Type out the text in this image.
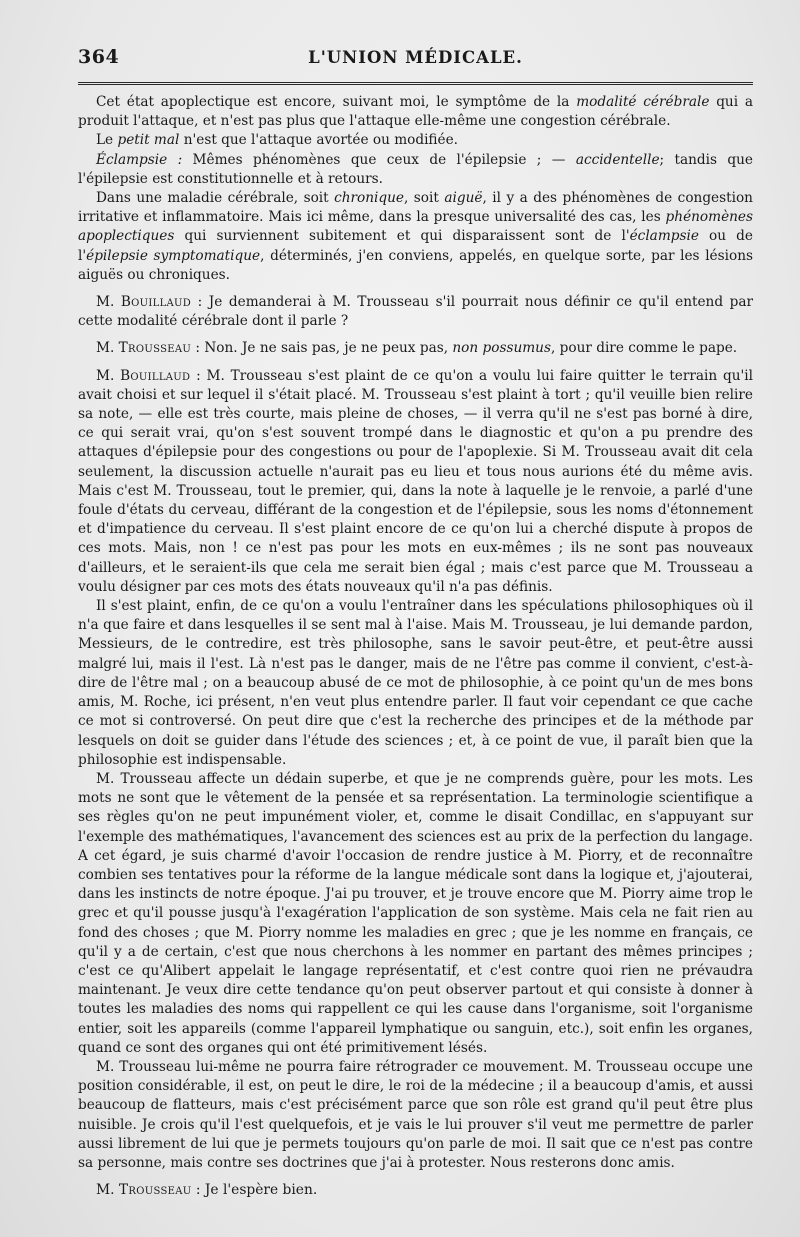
364	L'UNION MÉDICALE.

Cet état apoplectique est encore, suivant moi, le symptôme de la modalité cérébrale qui a produit l'attaque, et n'est pas plus que l'attaque elle-même une congestion cérébrale.

Le petit mal n'est que l'attaque avortée ou modifiée.

Éclampsie : Mêmes phénomènes que ceux de l'épilepsie ; — accidentelle; tandis que l'épilepsie est constitutionnelle et à retours.

Dans une maladie cérébrale, soit chronique, soit aiguë, il y a des phénomènes de congestion irritative et inflammatoire. Mais ici même, dans la presque universalité des cas, les phénomènes apoplectiques qui surviennent subitement et qui disparaissent sont de l'éclampsie ou de l'épilepsie symptomatique, déterminés, j'en conviens, appelés, en quelque sorte, par les lésions aiguës ou chroniques.

M. Bouillaud : Je demanderai à M. Trousseau s'il pourrait nous définir ce qu'il entend par cette modalité cérébrale dont il parle ?

M. Trousseau : Non. Je ne sais pas, je ne peux pas, non possumus, pour dire comme le pape.

M. Bouillaud : M. Trousseau s'est plaint de ce qu'on a voulu lui faire quitter le terrain qu'il avait choisi et sur lequel il s'était placé. M. Trousseau s'est plaint à tort ; qu'il veuille bien relire sa note, — elle est très courte, mais pleine de choses, — il verra qu'il ne s'est pas borné à dire, ce qui serait vrai, qu'on s'est souvent trompé dans le diagnostic et qu'on a pu prendre des attaques d'épilepsie pour des congestions ou pour de l'apoplexie. Si M. Trousseau avait dit cela seulement, la discussion actuelle n'aurait pas eu lieu et tous nous aurions été du même avis. Mais c'est M. Trousseau, tout le premier, qui, dans la note à laquelle je le renvoie, a parlé d'une foule d'états du cerveau, différant de la congestion et de l'épilepsie, sous les noms d'étonnement et d'impatience du cerveau. Il s'est plaint encore de ce qu'on lui a cherché dispute à propos de ces mots. Mais, non ! ce n'est pas pour les mots en eux-mêmes ; ils ne sont pas nouveaux d'ailleurs, et le seraient-ils que cela me serait bien égal ; mais c'est parce que M. Trousseau a voulu désigner par ces mots des états nouveaux qu'il n'a pas définis.

Il s'est plaint, enfin, de ce qu'on a voulu l'entraîner dans les spéculations philosophiques où il n'a que faire et dans lesquelles il se sent mal à l'aise. Mais M. Trousseau, je lui demande pardon, Messieurs, de le contredire, est très philosophe, sans le savoir peut-être, et peut-être aussi malgré lui, mais il l'est. Là n'est pas le danger, mais de ne l'être pas comme il convient, c'est-à-dire de l'être mal ; on a beaucoup abusé de ce mot de philosophie, à ce point qu'un de mes bons amis, M. Roche, ici présent, n'en veut plus entendre parler. Il faut voir cependant ce que cache ce mot si controversé. On peut dire que c'est la recherche des principes et de la méthode par lesquels on doit se guider dans l'étude des sciences ; et, à ce point de vue, il paraît bien que la philosophie est indispensable.

M. Trousseau affecte un dédain superbe, et que je ne comprends guère, pour les mots. Les mots ne sont que le vêtement de la pensée et sa représentation. La terminologie scientifique a ses règles qu'on ne peut impunément violer, et, comme le disait Condillac, en s'appuyant sur l'exemple des mathématiques, l'avancement des sciences est au prix de la perfection du langage. A cet égard, je suis charmé d'avoir l'occasion de rendre justice à M. Piorry, et de reconnaître combien ses tentatives pour la réforme de la langue médicale sont dans la logique et, j'ajouterai, dans les instincts de notre époque. J'ai pu trouver, et je trouve encore que M. Piorry aime trop le grec et qu'il pousse jusqu'à l'exagération l'application de son système. Mais cela ne fait rien au fond des choses ; que M. Piorry nomme les maladies en grec ; que je les nomme en français, ce qu'il y a de certain, c'est que nous cherchons à les nommer en partant des mêmes principes ; c'est ce qu'Alibert appelait le langage représentatif, et c'est contre quoi rien ne prévaudra maintenant. Je veux dire cette tendance qu'on peut observer partout et qui consiste à donner à toutes les maladies des noms qui rappellent ce qui les cause dans l'organisme, soit l'organisme entier, soit les appareils (comme l'appareil lymphatique ou sanguin, etc.), soit enfin les organes, quand ce sont des organes qui ont été primitivement lésés.

M. Trousseau lui-même ne pourra faire rétrograder ce mouvement. M. Trousseau occupe une position considérable, il est, on peut le dire, le roi de la médecine ; il a beaucoup d'amis, et aussi beaucoup de flatteurs, mais c'est précisément parce que son rôle est grand qu'il peut être plus nuisible. Je crois qu'il l'est quelquefois, et je vais le lui prouver s'il veut me permettre de parler aussi librement de lui que je permets toujours qu'on parle de moi. Il sait que ce n'est pas contre sa personne, mais contre ses doctrines que j'ai à protester. Nous resterons donc amis.

M. Trousseau : Je l'espère bien.
